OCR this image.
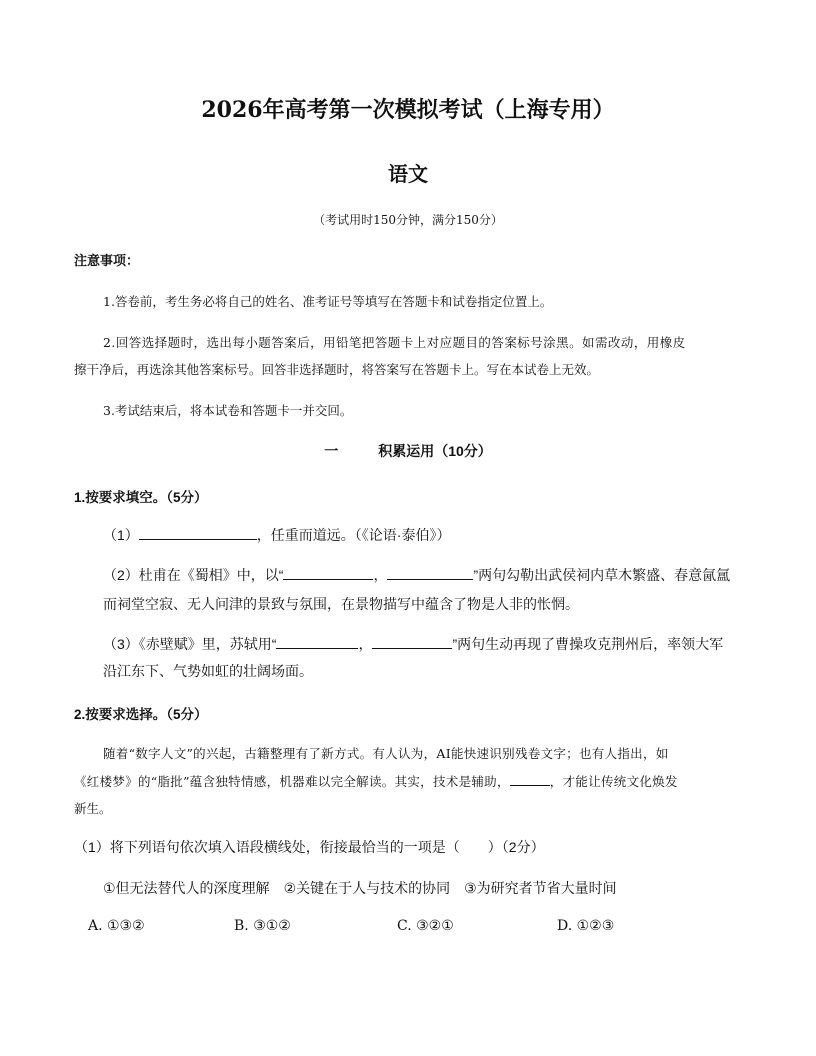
2026年高考第一次模拟考试（上海专用）
语文
（考试用时150分钟，满分150分）
注意事项：
1.答卷前，考生务必将自己的姓名、准考证号等填写在答题卡和试卷指定位置上。
2.回答选择题时，选出每小题答案后，用铅笔把答题卡上对应题目的答案标号涂黑。如需改动，用橡皮
擦干净后，再选涂其他答案标号。回答非选择题时，将答案写在答题卡上。写在本试卷上无效。
3.考试结束后，将本试卷和答题卡一并交回。
一	积累运用（10分）
1.按要求填空。（5分）
（1）	，任重而道远。（《论语·泰伯》）
（2）杜甫在《蜀相》中，以“	，	”两句勾勒出武侯祠内草木繁盛、春意氤氲
而祠堂空寂、无人问津的景致与氛围，在景物描写中蕴含了物是人非的怅惘。
（3）《赤壁赋》里，苏轼用“	，	”两句生动再现了曹操攻克荆州后，率领大军
沿江东下、气势如虹的壮阔场面。
2.按要求选择。（5分）
随着“数字人文”的兴起，古籍整理有了新方式。有人认为，AI能快速识别残卷文字；也有人指出，如
《红楼梦》的“脂批”蕴含独特情感，机器难以完全解读。其实，技术是辅助，	，才能让传统文化焕发
新生。
（1）将下列语句依次填入语段横线处，衔接最恰当的一项是（　　）（2分）
①但无法替代人的深度理解 ②关键在于人与技术的协同 ③为研究者节省大量时间
A. ①③②	B. ③①②	C. ③②①	D. ①②③
